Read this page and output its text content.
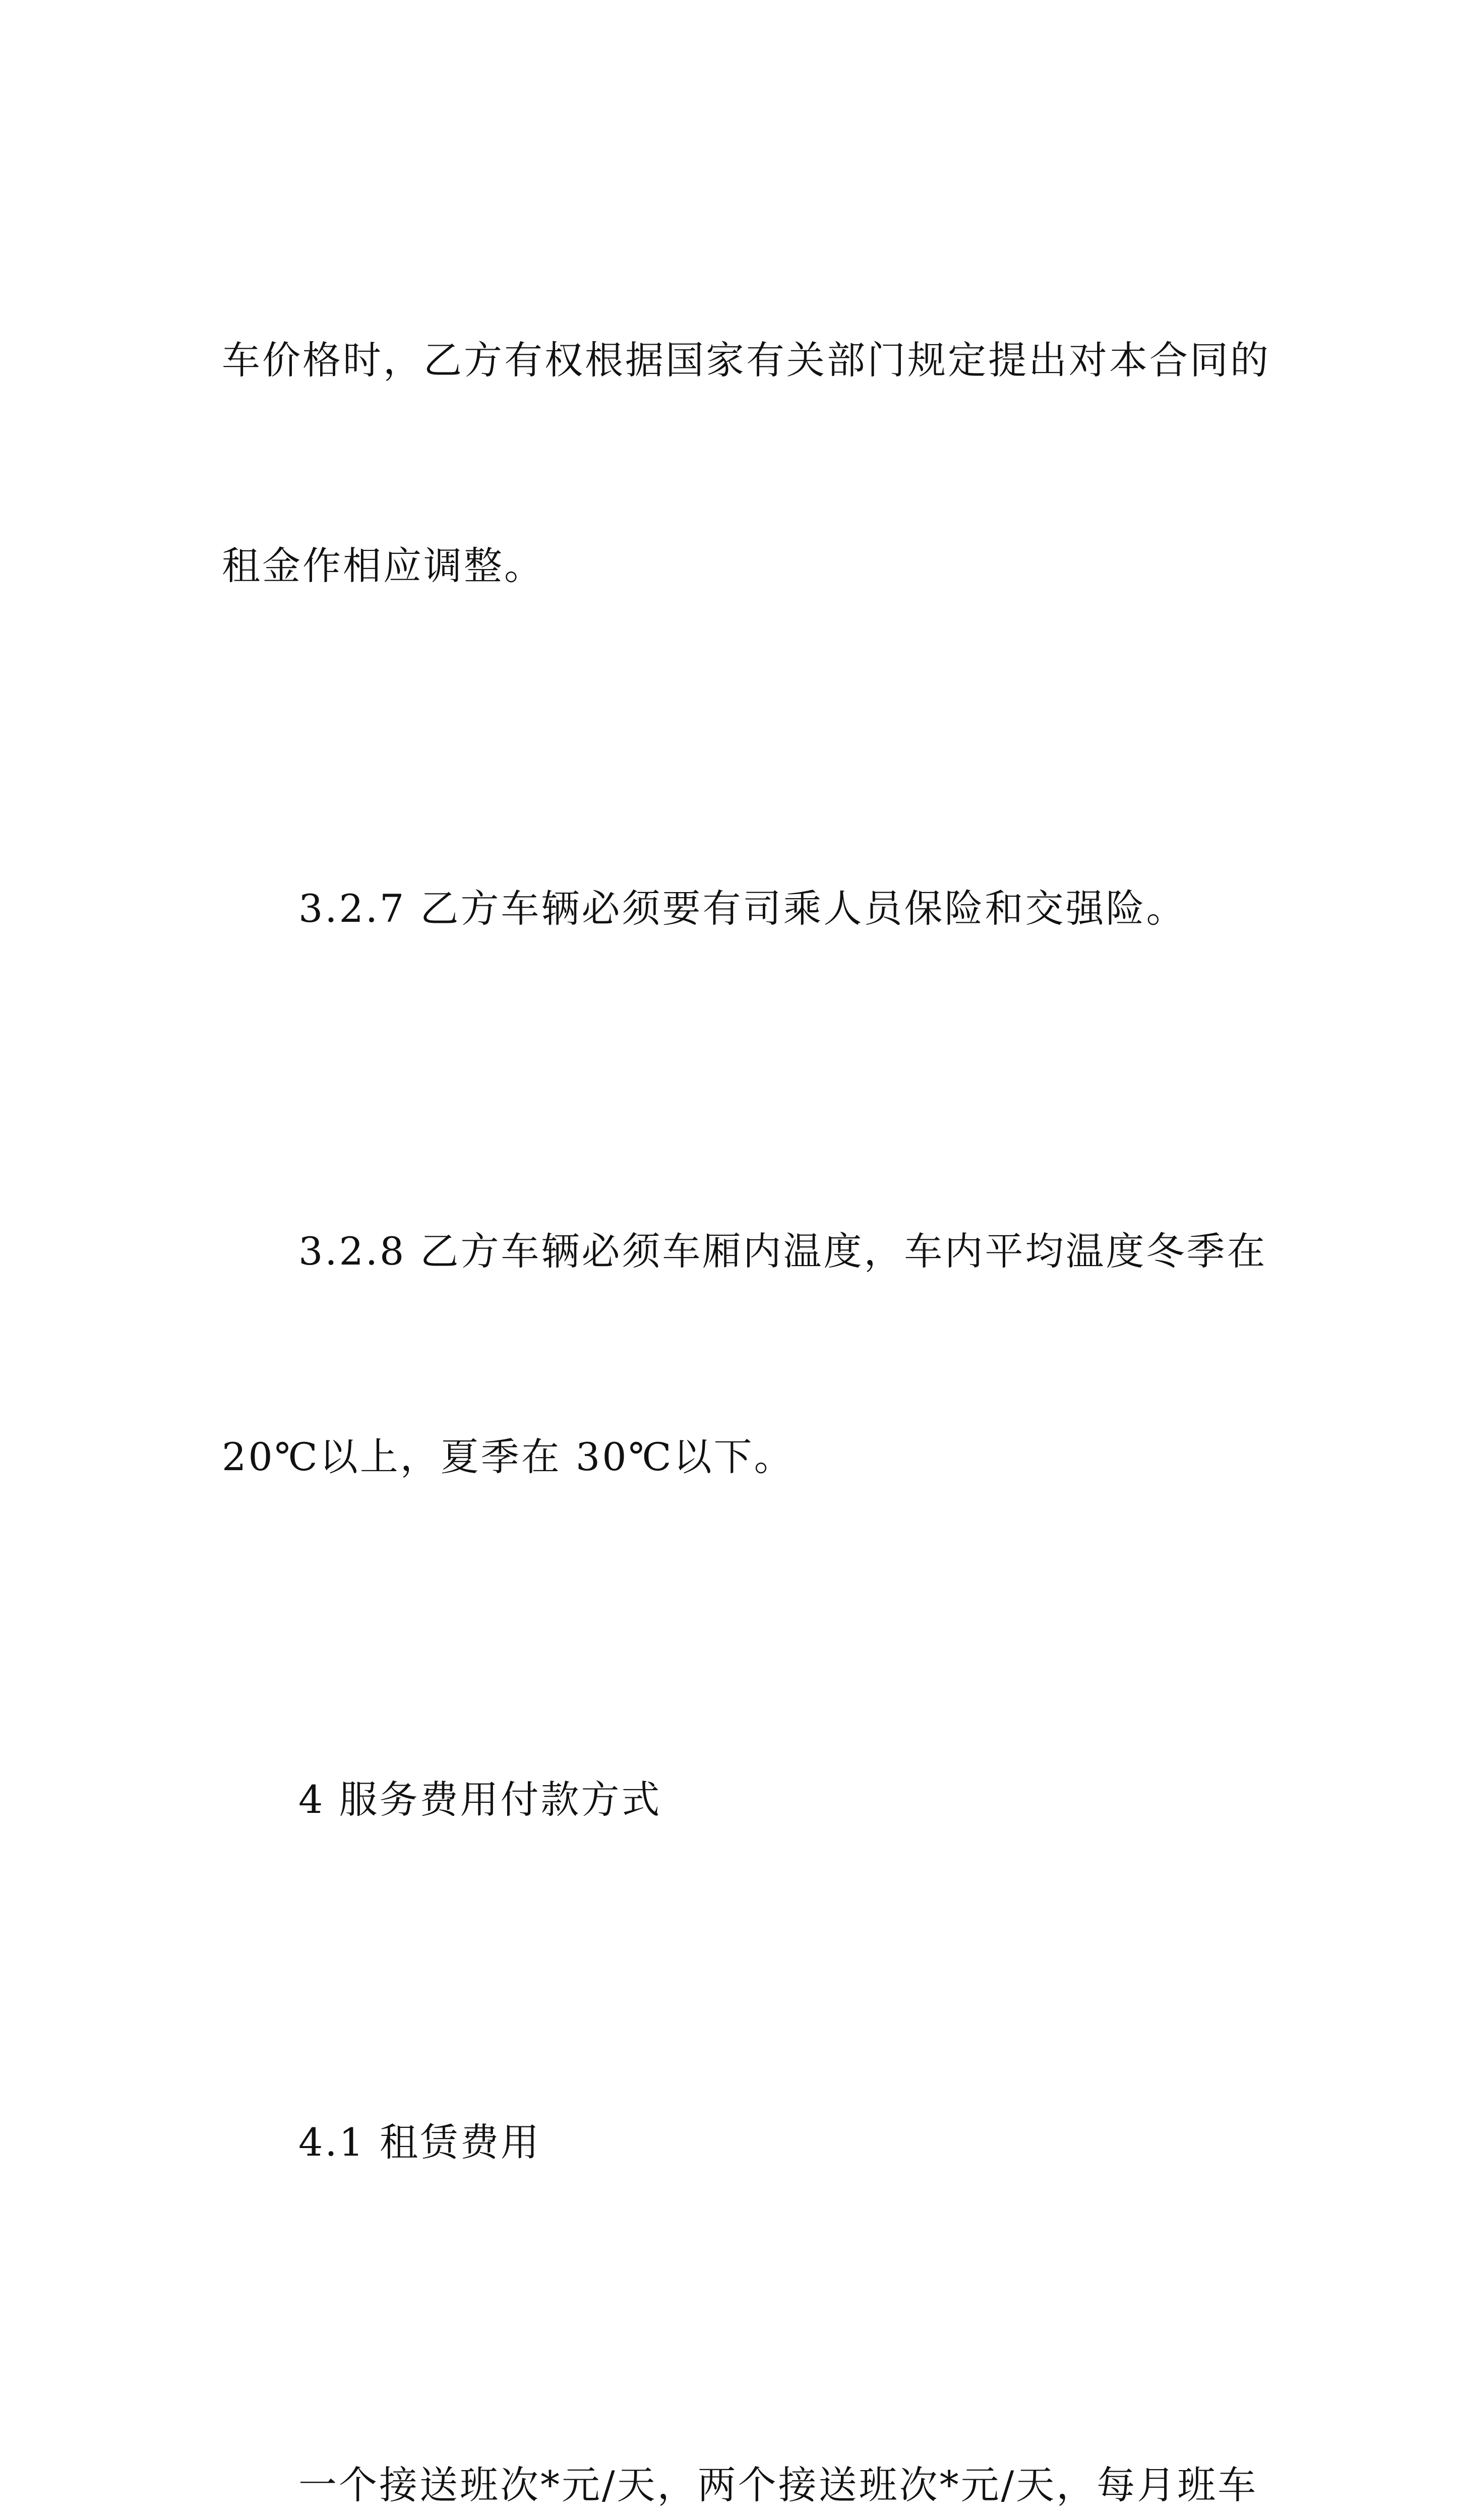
车价格时，乙方有权根据国家有关部门规定提出对本合同的

租金作相应调整。

3.2.7 乙方车辆必须要有司乘人员保险和交强险。

3.2.8 乙方车辆必须车厢内温度，车内平均温度冬季在

20℃以上，夏季在 30℃以下。

4 服务费用付款方式

4.1 租赁费用

一个接送班次*元/天，两个接送班次*元/天，每月班车
